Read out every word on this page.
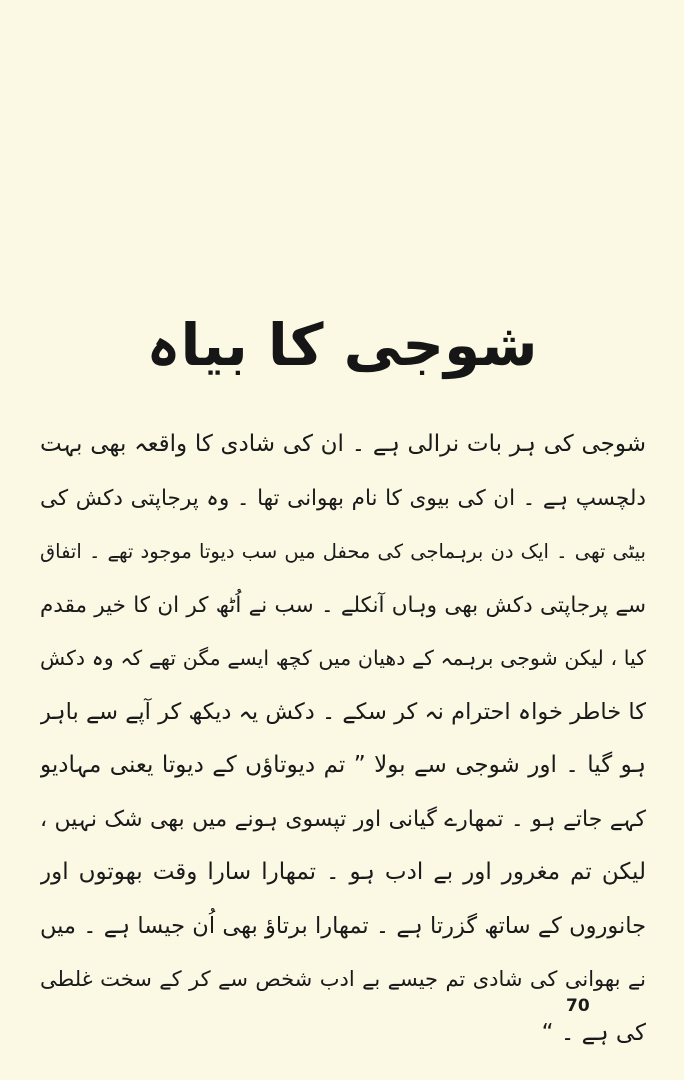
شوجی کا بیاہ
شوجی کی ہر بات نرالی ہے ۔ ان کی شادی کا واقعہ بھی بہت
دلچسپ ہے ۔ ان کی بیوی کا نام بھوانی تھا ۔ وہ پرجاپتی دکش کی
بیٹی تھی ۔ ایک دن برہماجی کی محفل میں سب دیوتا موجود تھے ۔ اتفاق
سے پرجاپتی دکش بھی وہاں آنکلے ۔ سب نے اُٹھ کر ان کا خیر مقدم
کیا ، لیکن شوجی برہمہ کے دھیان میں کچھ ایسے مگن تھے کہ وہ دکش
کا خاطر خواہ احترام نہ کر سکے ۔ دکش یہ دیکھ کر آپے سے باہر
ہو گیا ۔ اور شوجی سے بولا ” تم دیوتاؤں کے دیوتا یعنی مہادیو
کہے جاتے ہو ۔ تمھارے گیانی اور تپسوی ہونے میں بھی شک نہیں ،
لیکن تم مغرور اور بے ادب ہو ۔ تمھارا سارا وقت بھوتوں اور
جانوروں کے ساتھ گزرتا ہے ۔ تمھارا برتاؤ بھی اُن جیسا ہے ۔ میں
نے بھوانی کی شادی تم جیسے بے ادب شخص سے کر کے سخت غلطی
کی ہے ۔ “
70
